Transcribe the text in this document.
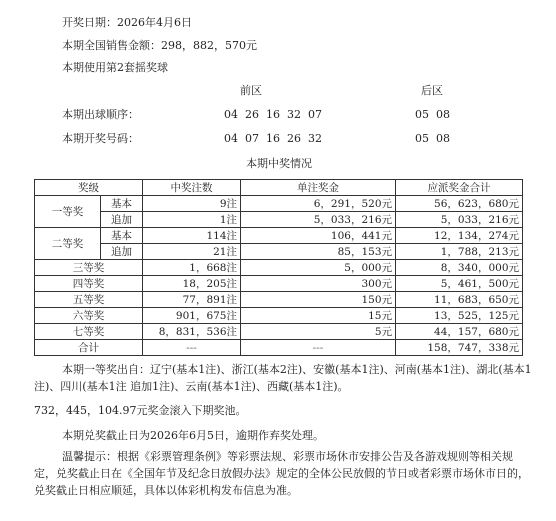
开奖日期：2026年4月6日
本期全国销售金额：298，882，570元
本期使用第2套摇奖球
前区	后区
本期出球顺序：	04  26  16  32  07	05  08
本期开奖号码：	04  07  16  26  32	05  08
本期中奖情况
奖级		中奖注数	单注奖金	应派奖金合计
一等奖	基本	9注	6，291，520元	56，623，680元
	追加	1注	5，033，216元	5，033，216元
二等奖	基本	114注	106，441元	12，134，274元
	追加	21注	85，153元	1，788，213元
三等奖		1，668注	5，000元	8，340，000元
四等奖		18，205注	300元	5，461，500元
五等奖		77，891注	150元	11，683，650元
六等奖		901，675注	15元	13，525，125元
七等奖		8，831，536注	5元	44，157，680元
合计		---	---	158，747，338元
本期一等奖出自：辽宁(基本1注)、浙江(基本2注)、安徽(基本1注)、河南(基本1注)、湖北(基本1注)、四川(基本1注 追加1注)、云南(基本1注)、西藏(基本1注)。
732，445，104.97元奖金滚入下期奖池。
本期兑奖截止日为2026年6月5日，逾期作弃奖处理。
温馨提示：根据《彩票管理条例》等彩票法规、彩票市场休市安排公告及各游戏规则等相关规定，兑奖截止日在《全国年节及纪念日放假办法》规定的全体公民放假的节日或者彩票市场休市日的，兑奖截止日相应顺延，具体以体彩机构发布信息为准。
